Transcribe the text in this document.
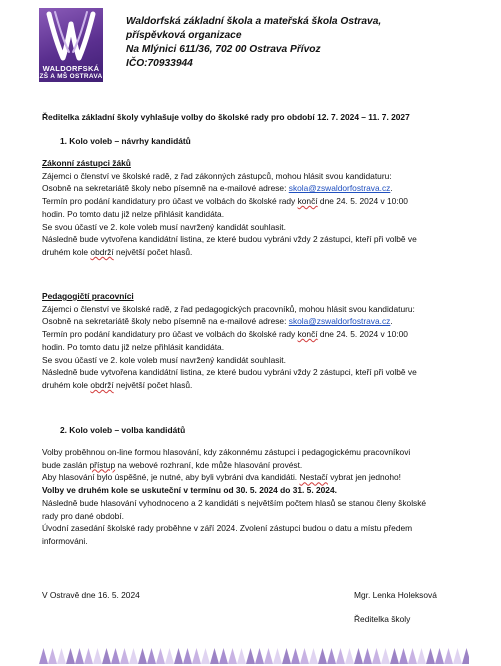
WALDORFSKÁ
ZŠ A MŠ OSTRAVA
Waldorfská základní škola a mateřská škola Ostrava,
příspěvková organizace
Na Mlýnici 611/36, 702 00 Ostrava Přívoz
IČO:70933944
Ředitelka základní školy vyhlašuje volby do školské rady pro období 12. 7. 2024 – 11. 7. 2027
1. Kolo voleb – návrhy kandidátů
Zákonní zástupci žáků
Zájemci o členství ve školské radě, z řad zákonných zástupců, mohou hlásit svou kandidaturu:
Osobně na sekretariátě školy nebo písemně na e-mailové adrese: skola@zswaldorfostrava.cz.
Termín pro podání kandidatury pro účast ve volbách do školské rady končí dne 24. 5. 2024 v 10:00
hodin. Po tomto datu již nelze přihlásit kandidáta.
Se svou účastí ve 2. kole voleb musí navržený kandidát souhlasit.
Následně bude vytvořena kandidátní listina, ze které budou vybráni vždy 2 zástupci, kteří při volbě ve
druhém kole obdrží největší počet hlasů.
Pedagogičtí pracovníci
Zájemci o členství ve školské radě, z řad pedagogických pracovníků, mohou hlásit svou kandidaturu:
Osobně na sekretariátě školy nebo písemně na e-mailové adrese: skola@zswaldorfostrava.cz.
Termín pro podání kandidatury pro účast ve volbách do školské rady končí dne 24. 5. 2024 v 10:00
hodin. Po tomto datu již nelze přihlásit kandidáta.
Se svou účastí ve 2. kole voleb musí navržený kandidát souhlasit.
Následně bude vytvořena kandidátní listina, ze které budou vybráni vždy 2 zástupci, kteří při volbě ve
druhém kole obdrží největší počet hlasů.
2. Kolo voleb – volba kandidátů
Volby proběhnou on-line formou hlasování, kdy zákonnému zástupci i pedagogickému pracovníkovi
bude zaslán přístup na webové rozhraní, kde může hlasování provést.
Aby hlasování bylo úspěšné, je nutné, aby byli vybráni dva kandidáti. Nestačí vybrat jen jednoho!
Volby ve druhém kole se uskuteční v termínu od 30. 5. 2024 do 31. 5. 2024.
Následně bude hlasování vyhodnoceno a 2 kandidáti s největším počtem hlasů se stanou členy školské
rady pro dané období.
Úvodní zasedání školské rady proběhne v září 2024. Zvolení zástupci budou o datu a místu předem
informováni.
V Ostravě dne 16. 5. 2024	Mgr. Lenka Holeksová
Ředitelka školy
